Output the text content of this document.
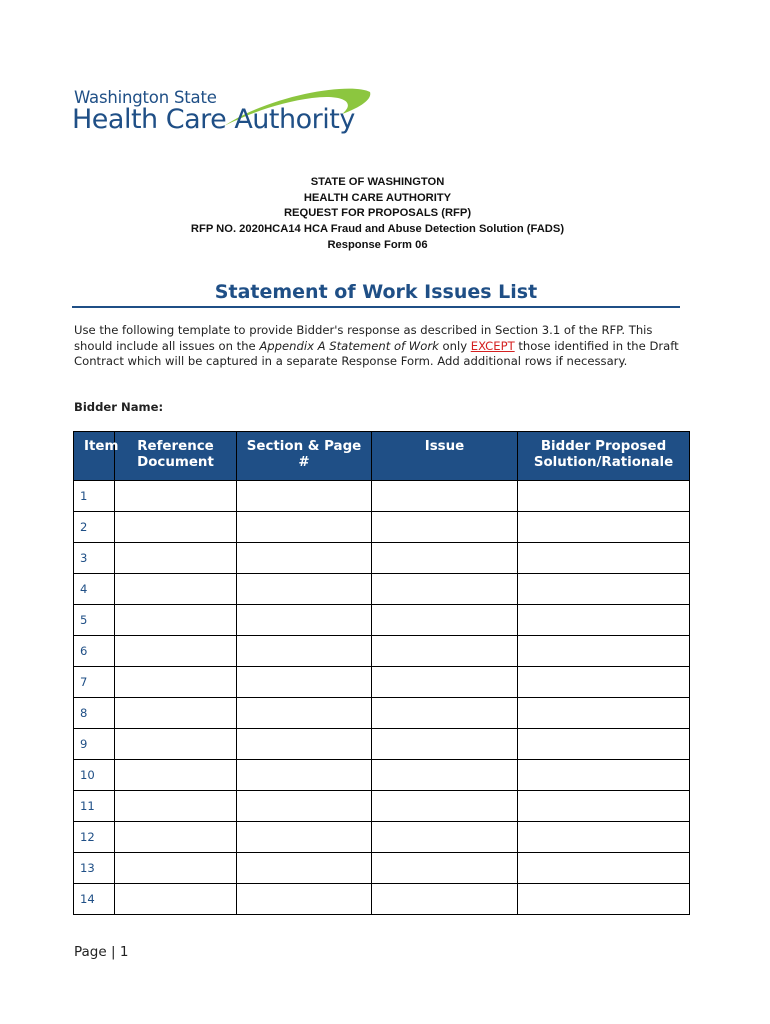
Washington State
Health Care Authority
STATE OF WASHINGTON
HEALTH CARE AUTHORITY
REQUEST FOR PROPOSALS (RFP)
RFP NO. 2020HCA14 HCA Fraud and Abuse Detection Solution (FADS)
Response Form 06
Statement of Work Issues List
Use the following template to provide Bidder's response as described in Section 3.1 of the RFP. This should include all issues on the Appendix A Statement of Work only EXCEPT those identified in the Draft Contract which will be captured in a separate Response Form. Add additional rows if necessary.
Bidder Name:
Item	Reference Document	Section & Page #	Issue	Bidder Proposed Solution/Rationale
1				
2				
3				
4				
5				
6				
7				
8				
9				
10				
11				
12				
13				
14				
Page | 1
